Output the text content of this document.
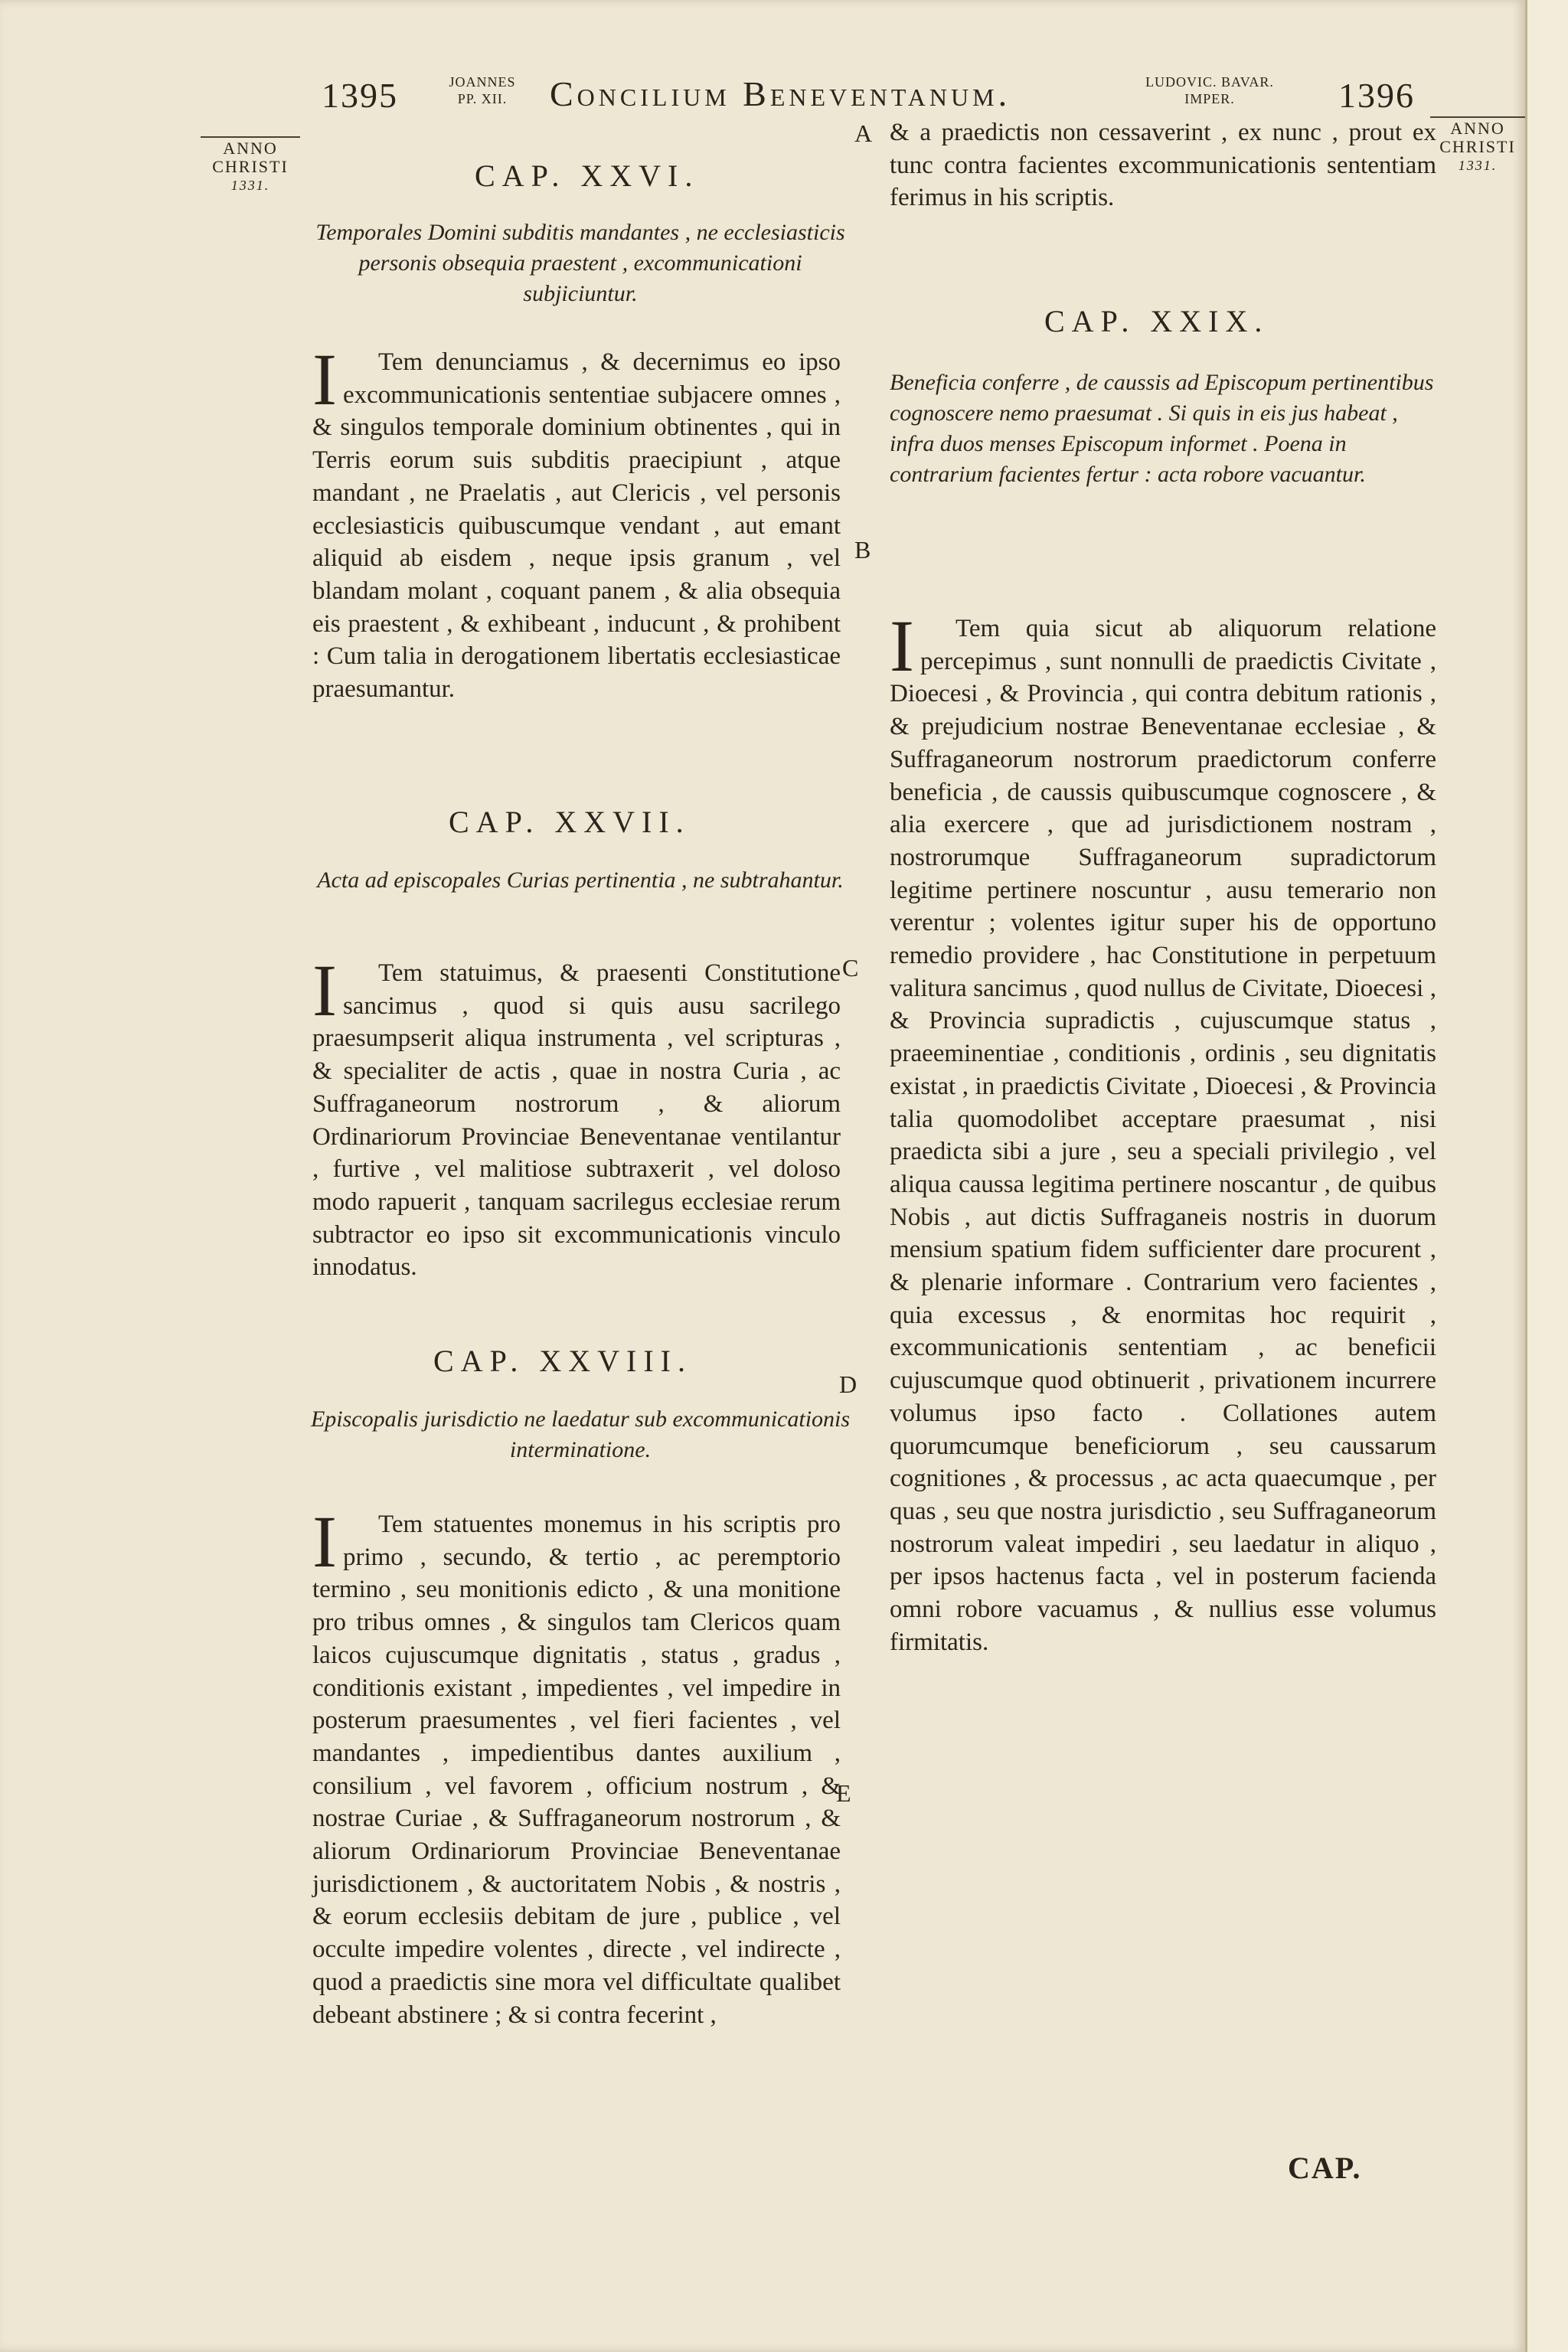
1395	JOANNES
PP. XII.	Concilium Beneventanum.	LUDOVIC. BAVAR.
IMPER.	1396
ANNO
CHRISTI
1331.
ANNO
CHRISTI
1331.
A
B
C
D
E
CAP. XXVI.
Temporales Domini subditis mandantes , ne ecclesiasticis personis obsequia praestent , excommunicationi subjiciuntur.
I Tem denunciamus , & decernimus eo ipso excommunicationis sententiae subjacere omnes , & singulos temporale dominium obtinentes , qui in Terris eorum suis subditis praecipiunt , atque mandant , ne Praelatis , aut Clericis , vel personis ecclesiasticis quibuscumque vendant , aut emant aliquid ab eisdem , neque ipsis granum , vel blandam molant , coquant panem , & alia obsequia eis praestent , & exhibeant , inducunt , & prohibent : Cum talia in derogationem libertatis ecclesiasticae praesumantur.
CAP. XXVII.
Acta ad episcopales Curias pertinentia , ne subtrahantur.
I Tem statuimus, & praesenti Constitutione sancimus , quod si quis ausu sacrilego praesumpserit aliqua instrumenta , vel scripturas , & specialiter de actis , quae in nostra Curia , ac Suffraganeorum nostrorum , & aliorum Ordinariorum Provinciae Beneventanae ventilantur , furtive , vel malitiose subtraxerit , vel doloso modo rapuerit , tanquam sacrilegus ecclesiae rerum subtractor eo ipso sit excommunicationis vinculo innodatus.
CAP. XXVIII.
Episcopalis jurisdictio ne laedatur sub excommunicationis interminatione.
I Tem statuentes monemus in his scriptis pro primo , secundo, & tertio , ac peremptorio termino , seu monitionis edicto , & una monitione pro tribus omnes , & singulos tam Clericos quam laicos cujuscumque dignitatis , status , gradus , conditionis existant , impedientes , vel impedire in posterum praesumentes , vel fieri facientes , vel mandantes , impedientibus dantes auxilium , consilium , vel favorem , officium nostrum , & nostrae Curiae , & Suffraganeorum nostrorum , & aliorum Ordinariorum Provinciae Beneventanae jurisdictionem , & auctoritatem Nobis , & nostris , & eorum ecclesiis debitam de jure , publice , vel occulte impedire volentes , directe , vel indirecte , quod a praedictis sine mora vel difficultate qualibet debeant abstinere ; & si contra fecerint ,
& a praedictis non cessaverint , ex nunc , prout ex tunc contra facientes excommunicationis sententiam ferimus in his scriptis.
CAP. XXIX.
Beneficia conferre , de caussis ad Episcopum pertinentibus cognoscere nemo praesumat . Si quis in eis jus habeat , infra duos menses Episcopum informet . Poena in contrarium facientes fertur : acta robore vacuantur.
I Tem quia sicut ab aliquorum relatione percepimus , sunt nonnulli de praedictis Civitate , Dioecesi , & Provincia , qui contra debitum rationis , & prejudicium nostrae Beneventanae ecclesiae , & Suffraganeorum nostrorum praedictorum conferre beneficia , de caussis quibuscumque cognoscere , & alia exercere , que ad jurisdictionem nostram , nostrorumque Suffraganeorum supradictorum legitime pertinere noscuntur , ausu temerario non verentur ; volentes igitur super his de opportuno remedio providere , hac Constitutione in perpetuum valitura sancimus , quod nullus de Civitate, Dioecesi , & Provincia supradictis , cujuscumque status , praeeminentiae , conditionis , ordinis , seu dignitatis existat , in praedictis Civitate , Dioecesi , & Provincia talia quomodolibet acceptare praesumat , nisi praedicta sibi a jure , seu a speciali privilegio , vel aliqua caussa legitima pertinere noscantur , de quibus Nobis , aut dictis Suffraganeis nostris in duorum mensium spatium fidem sufficienter dare procurent , & plenarie informare . Contrarium vero facientes , quia excessus , & enormitas hoc requirit , excommunicationis sententiam , ac beneficii cujuscumque quod obtinuerit , privationem incurrere volumus ipso facto . Collationes autem quorumcumque beneficiorum , seu caussarum cognitiones , & processus , ac acta quaecumque , per quas , seu que nostra jurisdictio , seu Suffraganeorum nostrorum valeat impediri , seu laedatur in aliquo , per ipsos hactenus facta , vel in posterum facienda omni robore vacuamus , & nullius esse volumus firmitatis.
CAP.
